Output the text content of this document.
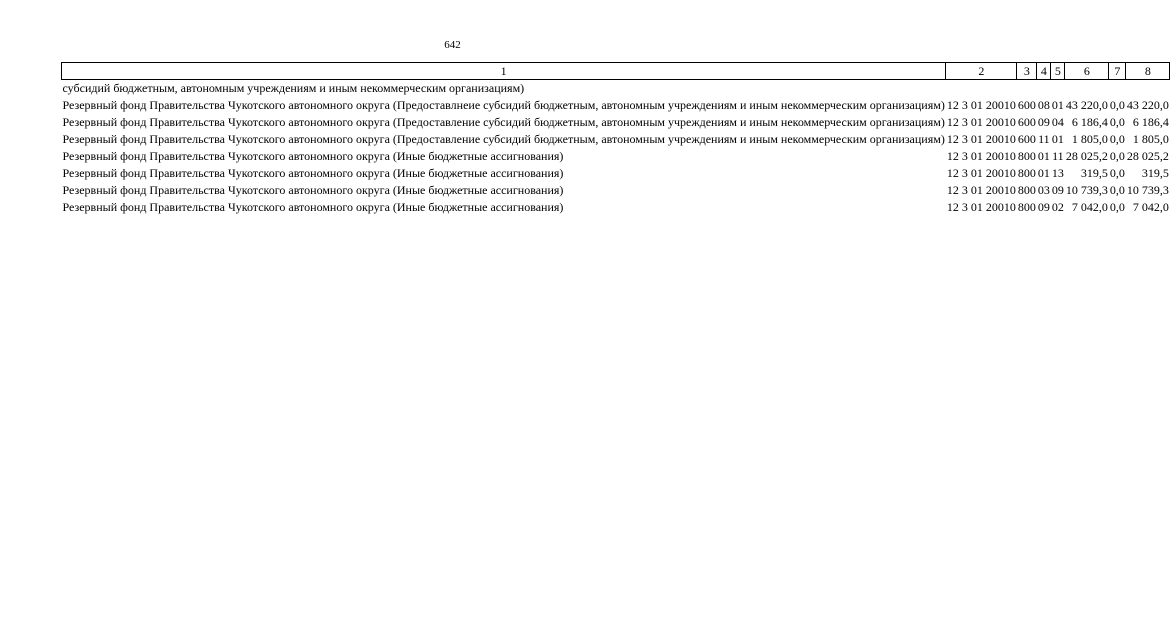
642
1	2	3	4	5	6	7	8
субсидий бюджетным, автономным учреждениям и иным некоммерческим организациям)							
Резервный фонд Правительства Чукотского автономного округа (Предоставлнеие субсидий бюджетным, автономным учреждениям и иным некоммерческим организациям)	12 3 01 20010	600	08	01	43 220,0	0,0	43 220,0
Резервный фонд Правительства Чукотского автономного округа (Предоставление субсидий бюджетным, автономным учреждениям и иным некоммерческим организациям)	12 3 01 20010	600	09	04	6 186,4	0,0	6 186,4
Резервный фонд Правительства Чукотского автономного округа (Предоставление субсидий бюджетным, автономным учреждениям и иным некоммерческим организациям)	12 3 01 20010	600	11	01	1 805,0	0,0	1 805,0
Резервный фонд Правительства Чукотского автономного округа (Иные бюджетные ассигнования)	12 3 01 20010	800	01	11	28 025,2	0,0	28 025,2
Резервный фонд Правительства Чукотского автономного округа (Иные бюджетные ассигнования)	12 3 01 20010	800	01	13	319,5	0,0	319,5
Резервный фонд Правительства Чукотского автономного округа (Иные бюджетные ассигнования)	12 3 01 20010	800	03	09	10 739,3	0,0	10 739,3
Резервный фонд Правительства Чукотского автономного округа (Иные бюджетные ассигнования)	12 3 01 20010	800	09	02	7 042,0	0,0	7 042,0
